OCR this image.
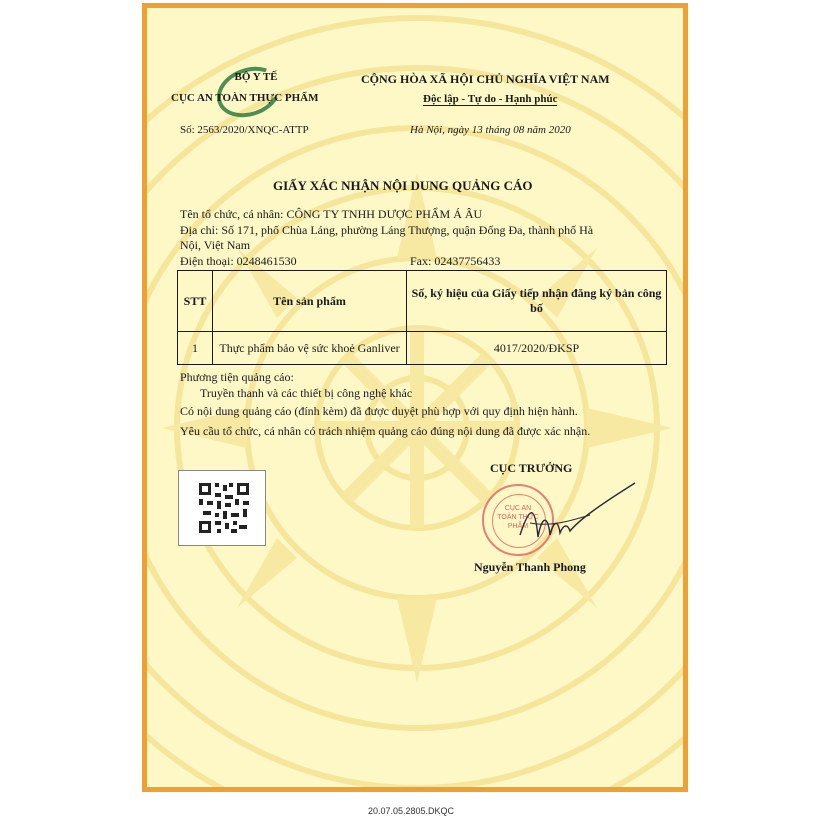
BỘ Y TẾ
CỤC AN TOÀN THỰC PHẨM
Số: 2563/2020/XNQC-ATTP
CỘNG HÒA XÃ HỘI CHỦ NGHĨA VIỆT NAM
Độc lập - Tự do - Hạnh phúc
Hà Nội, ngày 13 tháng 08 năm 2020
GIẤY XÁC NHẬN NỘI DUNG QUẢNG CÁO
Tên tổ chức, cá nhân: CÔNG TY TNHH DƯỢC PHẨM Á ÂU
Địa chỉ: Số 171, phố Chùa Láng, phường Láng Thượng, quận Đống Đa, thành phố Hà
Nội, Việt Nam
Điện thoại: 0248461530	Fax: 02437756433
STT	Tên sản phẩm	Số, ký hiệu của Giấy tiếp nhận đăng ký bản công bố
1	Thực phẩm bảo vệ sức khoẻ Ganliver	4017/2020/ĐKSP
Phương tiện quảng cáo:
Truyền thanh và các thiết bị công nghệ khác
Có nội dung quảng cáo (đính kèm) đã được duyệt phù hợp với quy định hiện hành.
Yêu cầu tổ chức, cá nhân có trách nhiệm quảng cáo đúng nội dung đã được xác nhận.
CỤC TRƯỞNG
CỤC AN TOÀN THỰC PHẨM
Nguyễn Thanh Phong
20.07.05.2805.DKQC
